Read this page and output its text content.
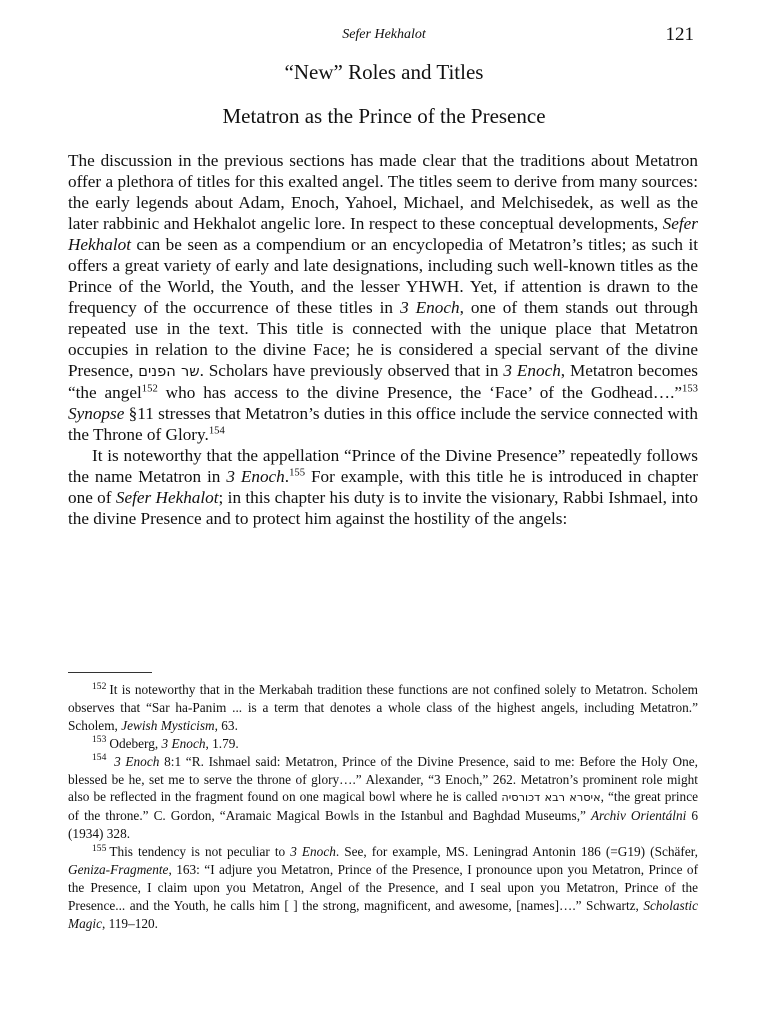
Sefer Hekhalot	121
“New” Roles and Titles
Metatron as the Prince of the Presence

The discussion in the previous sections has made clear that the traditions about Metatron offer a plethora of titles for this exalted angel. The titles seem to derive from many sources: the early legends about Adam, Enoch, Yahoel, Michael, and Melchisedek, as well as the later rabbinic and Hekhalot angelic lore. In respect to these conceptual developments, Sefer Hekhalot can be seen as a compendium or an encyclopedia of Metatron’s titles; as such it offers a great variety of early and late designations, including such well-known titles as the Prince of the World, the Youth, and the lesser YHWH. Yet, if attention is drawn to the frequency of the occurrence of these titles in 3 Enoch, one of them stands out through repeated use in the text. This title is connected with the unique place that Metatron occupies in relation to the divine Face; he is considered a special servant of the divine Presence, שר הפנים. Scholars have previously observed that in 3 Enoch, Metatron becomes “the angel$^{152}$ who has access to the divine Presence, the ‘Face’ of the Godhead….”$^{153}$ Synopse §11 stresses that Metatron’s duties in this office include the service connected with the Throne of Glory.$^{154}$

It is noteworthy that the appellation “Prince of the Divine Presence” repeatedly follows the name Metatron in 3 Enoch.$^{155}$ For example, with this title he is introduced in chapter one of Sefer Hekhalot; in this chapter his duty is to invite the visionary, Rabbi Ishmael, into the divine Presence and to protect him against the hostility of the angels:

$^{152}$ It is noteworthy that in the Merkabah tradition these functions are not confined solely to Metatron. Scholem observes that “Sar ha-Panim ... is a term that denotes a whole class of the highest angels, including Metatron.” Scholem, Jewish Mysticism, 63.

$^{153}$ Odeberg, 3 Enoch, 1.79.

$^{154}$ 3 Enoch 8:1 “R. Ishmael said: Metatron, Prince of the Divine Presence, said to me: Before the Holy One, blessed be he, set me to serve the throne of glory….” Alexander, “3 Enoch,” 262. Metatron’s prominent role might also be reflected in the fragment found on one magical bowl where he is called איסרא רבא דכורסיה, “the great prince of the throne.” C. Gordon, “Aramaic Magical Bowls in the Istanbul and Baghdad Museums,” Archiv Orientálni 6 (1934) 328.

$^{155}$ This tendency is not peculiar to 3 Enoch. See, for example, MS. Leningrad Antonin 186 (=G19) (Schäfer, Geniza-Fragmente, 163: “I adjure you Metatron, Prince of the Presence, I pronounce upon you Metatron, Prince of the Presence, I claim upon you Metatron, Angel of the Presence, and I seal upon you Metatron, Prince of the Presence... and the Youth, he calls him [ ] the strong, magnificent, and awesome, [names]….” Schwartz, Scholastic Magic, 119–120.
